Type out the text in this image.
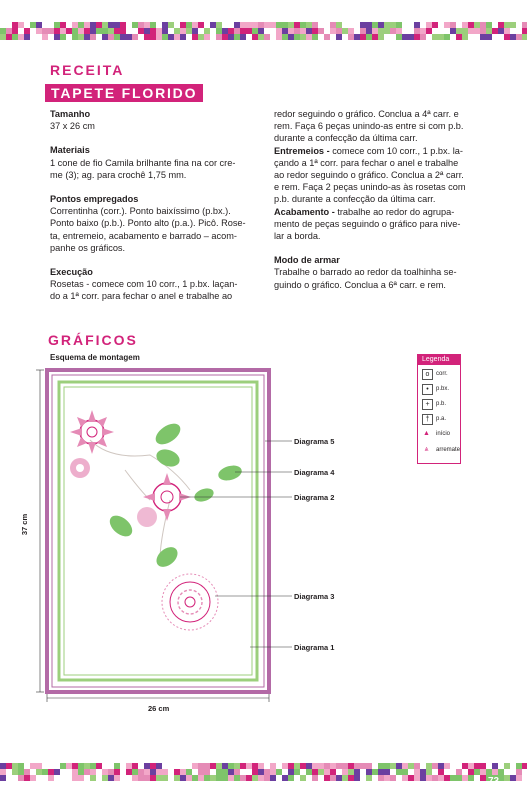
RECEITA
TAPETE FLORIDO

Tamanho

37 x 26 cm

Materiais

1 cone de fio Camila brilhante fina na cor cre-

me (3); ag. para crochê 1,75 mm.

Pontos empregados

Correntinha (corr.). Ponto baixíssimo (p.bx.).

Ponto baixo (p.b.). Ponto alto (p.a.). Picô. Rose-

ta, entremeio, acabamento e barrado – acom-

panhe os gráficos.

Execução

Rosetas - comece com 10 corr., 1 p.bx. laçan-

do a 1ª corr. para fechar o anel e trabalhe ao

redor seguindo o gráfico. Conclua a 4ª carr. e

rem. Faça 6 peças unindo-as entre si com p.b.

durante a confecção da última carr.

Entremeios - comece com 10 corr., 1 p.bx. la-

çando a 1ª corr. para fechar o anel e trabalhe

ao redor seguindo o gráfico. Conclua a 2ª carr.

e rem. Faça 2 peças unindo-as às rosetas com

p.b. durante a confecção da última carr.

Acabamento - trabalhe ao redor do agrupa-

mento de peças seguindo o gráfico para nive-

lar a borda.

Modo de armar

Trabalhe o barrado ao redor da toalhinha se-

guindo o gráfico. Conclua a 6ª carr. e rem.

GRÁFICOS
Esquema de montagem
Diagrama 5
Diagrama 4
Diagrama 2
Diagrama 3
Diagrama 1
37 cm
26 cm
Legenda
o	corr.
•	p.bx.
+	p.b.
†	p.a.
▲ início
⩓	arremate
73
PassionForum.ru
